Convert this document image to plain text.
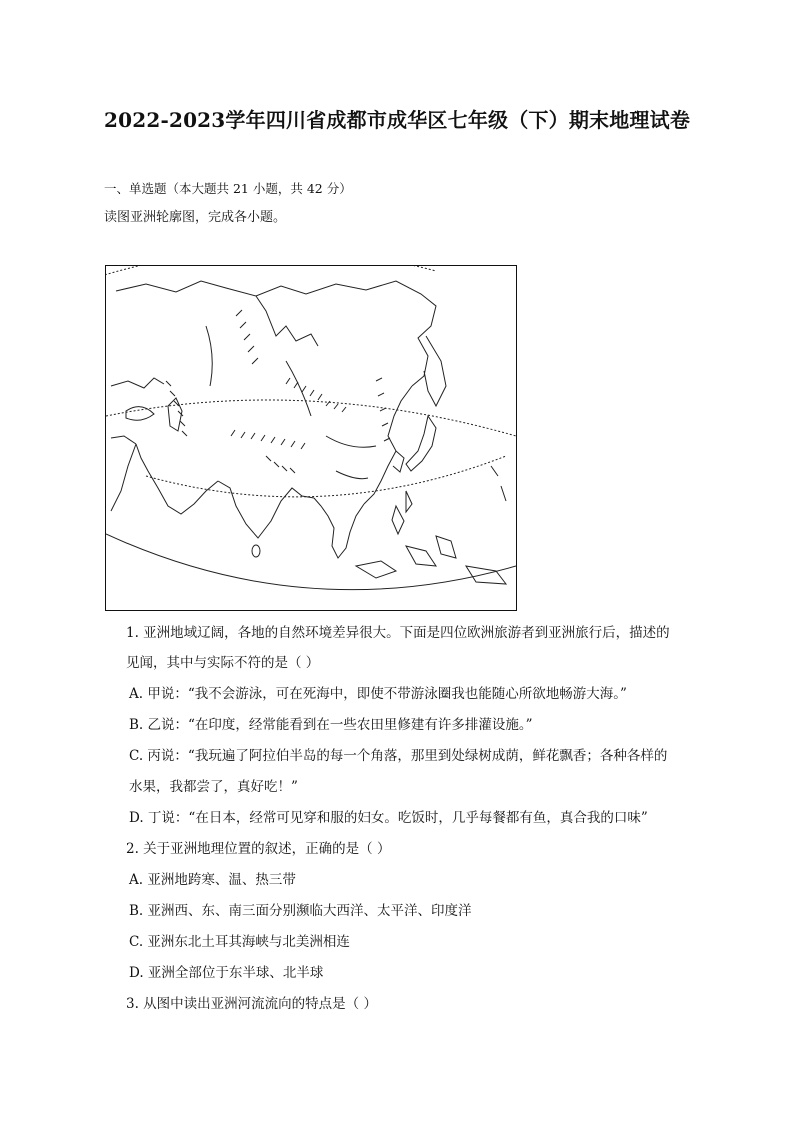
2022-2023学年四川省成都市成华区七年级（下）期末地理试卷
一、单选题（本大题共 21 小题，共 42 分）
读图亚洲轮廓图，完成各小题。
1. 亚洲地域辽阔，各地的自然环境差异很大。下面是四位欧洲旅游者到亚洲旅行后，描述的
见闻，其中与实际不符的是（ ）
A. 甲说：“我不会游泳，可在死海中，即使不带游泳圈我也能随心所欲地畅游大海。”
B. 乙说：“在印度，经常能看到在一些农田里修建有许多排灌设施。”
C. 丙说：“我玩遍了阿拉伯半岛的每一个角落，那里到处绿树成荫，鲜花飘香；各种各样的
水果，我都尝了，真好吃！”
D. 丁说：“在日本，经常可见穿和服的妇女。吃饭时，几乎每餐都有鱼，真合我的口味”
2. 关于亚洲地理位置的叙述，正确的是（ ）
A. 亚洲地跨寒、温、热三带
B. 亚洲西、东、南三面分别濒临大西洋、太平洋、印度洋
C. 亚洲东北土耳其海峡与北美洲相连
D. 亚洲全部位于东半球、北半球
3. 从图中读出亚洲河流流向的特点是（ ）
